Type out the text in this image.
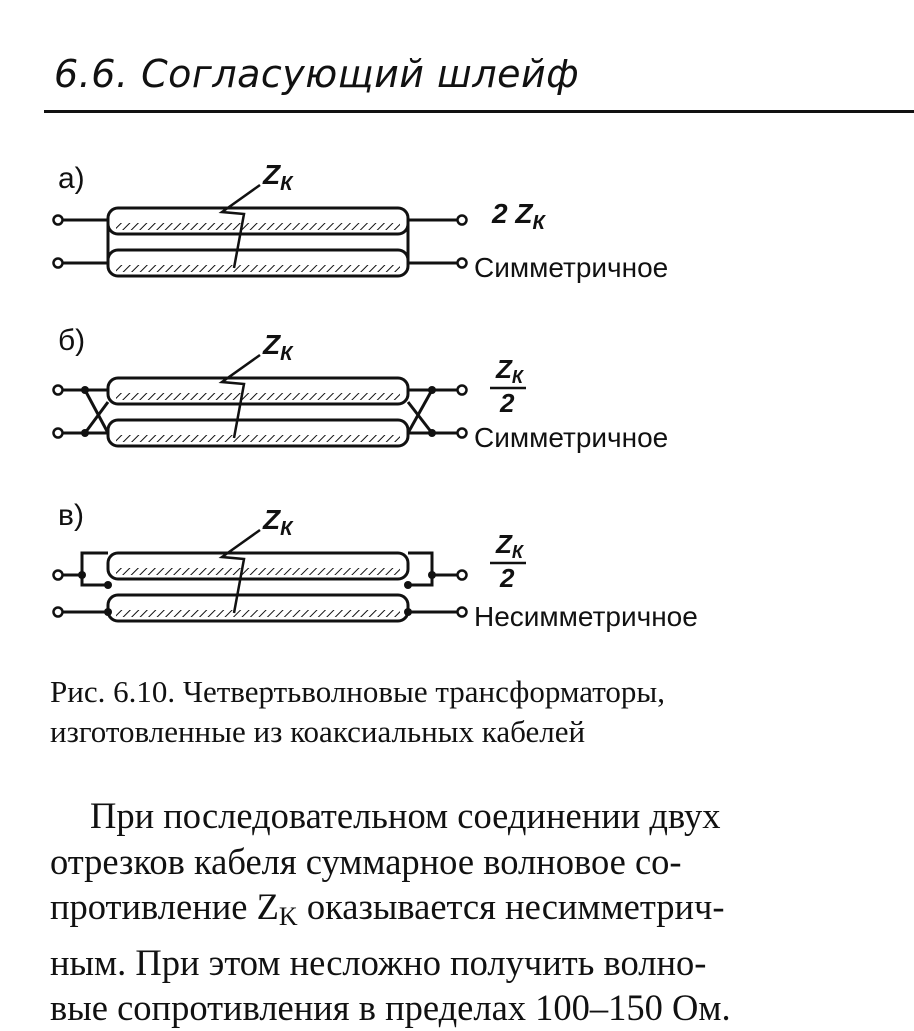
6.6. Согласующий шлейф
а)	$Z_К$
2 $Z_К$
Симметричное
б)	$Z_К$	ZК
2
Симметричное
в)	$Z_К$	ZК
2
Несимметричное
Рис. 6.10. Четвертьволновые трансформаторы,
изготовленные из коаксиальных кабелей
При последовательном соединении двух
отрезков кабеля суммарное волновое со-
противление $Z_K$ оказывается несимметрич-
ным. При этом несложно получить волно-
вые сопротивления в пределах 100–150 Ом.
